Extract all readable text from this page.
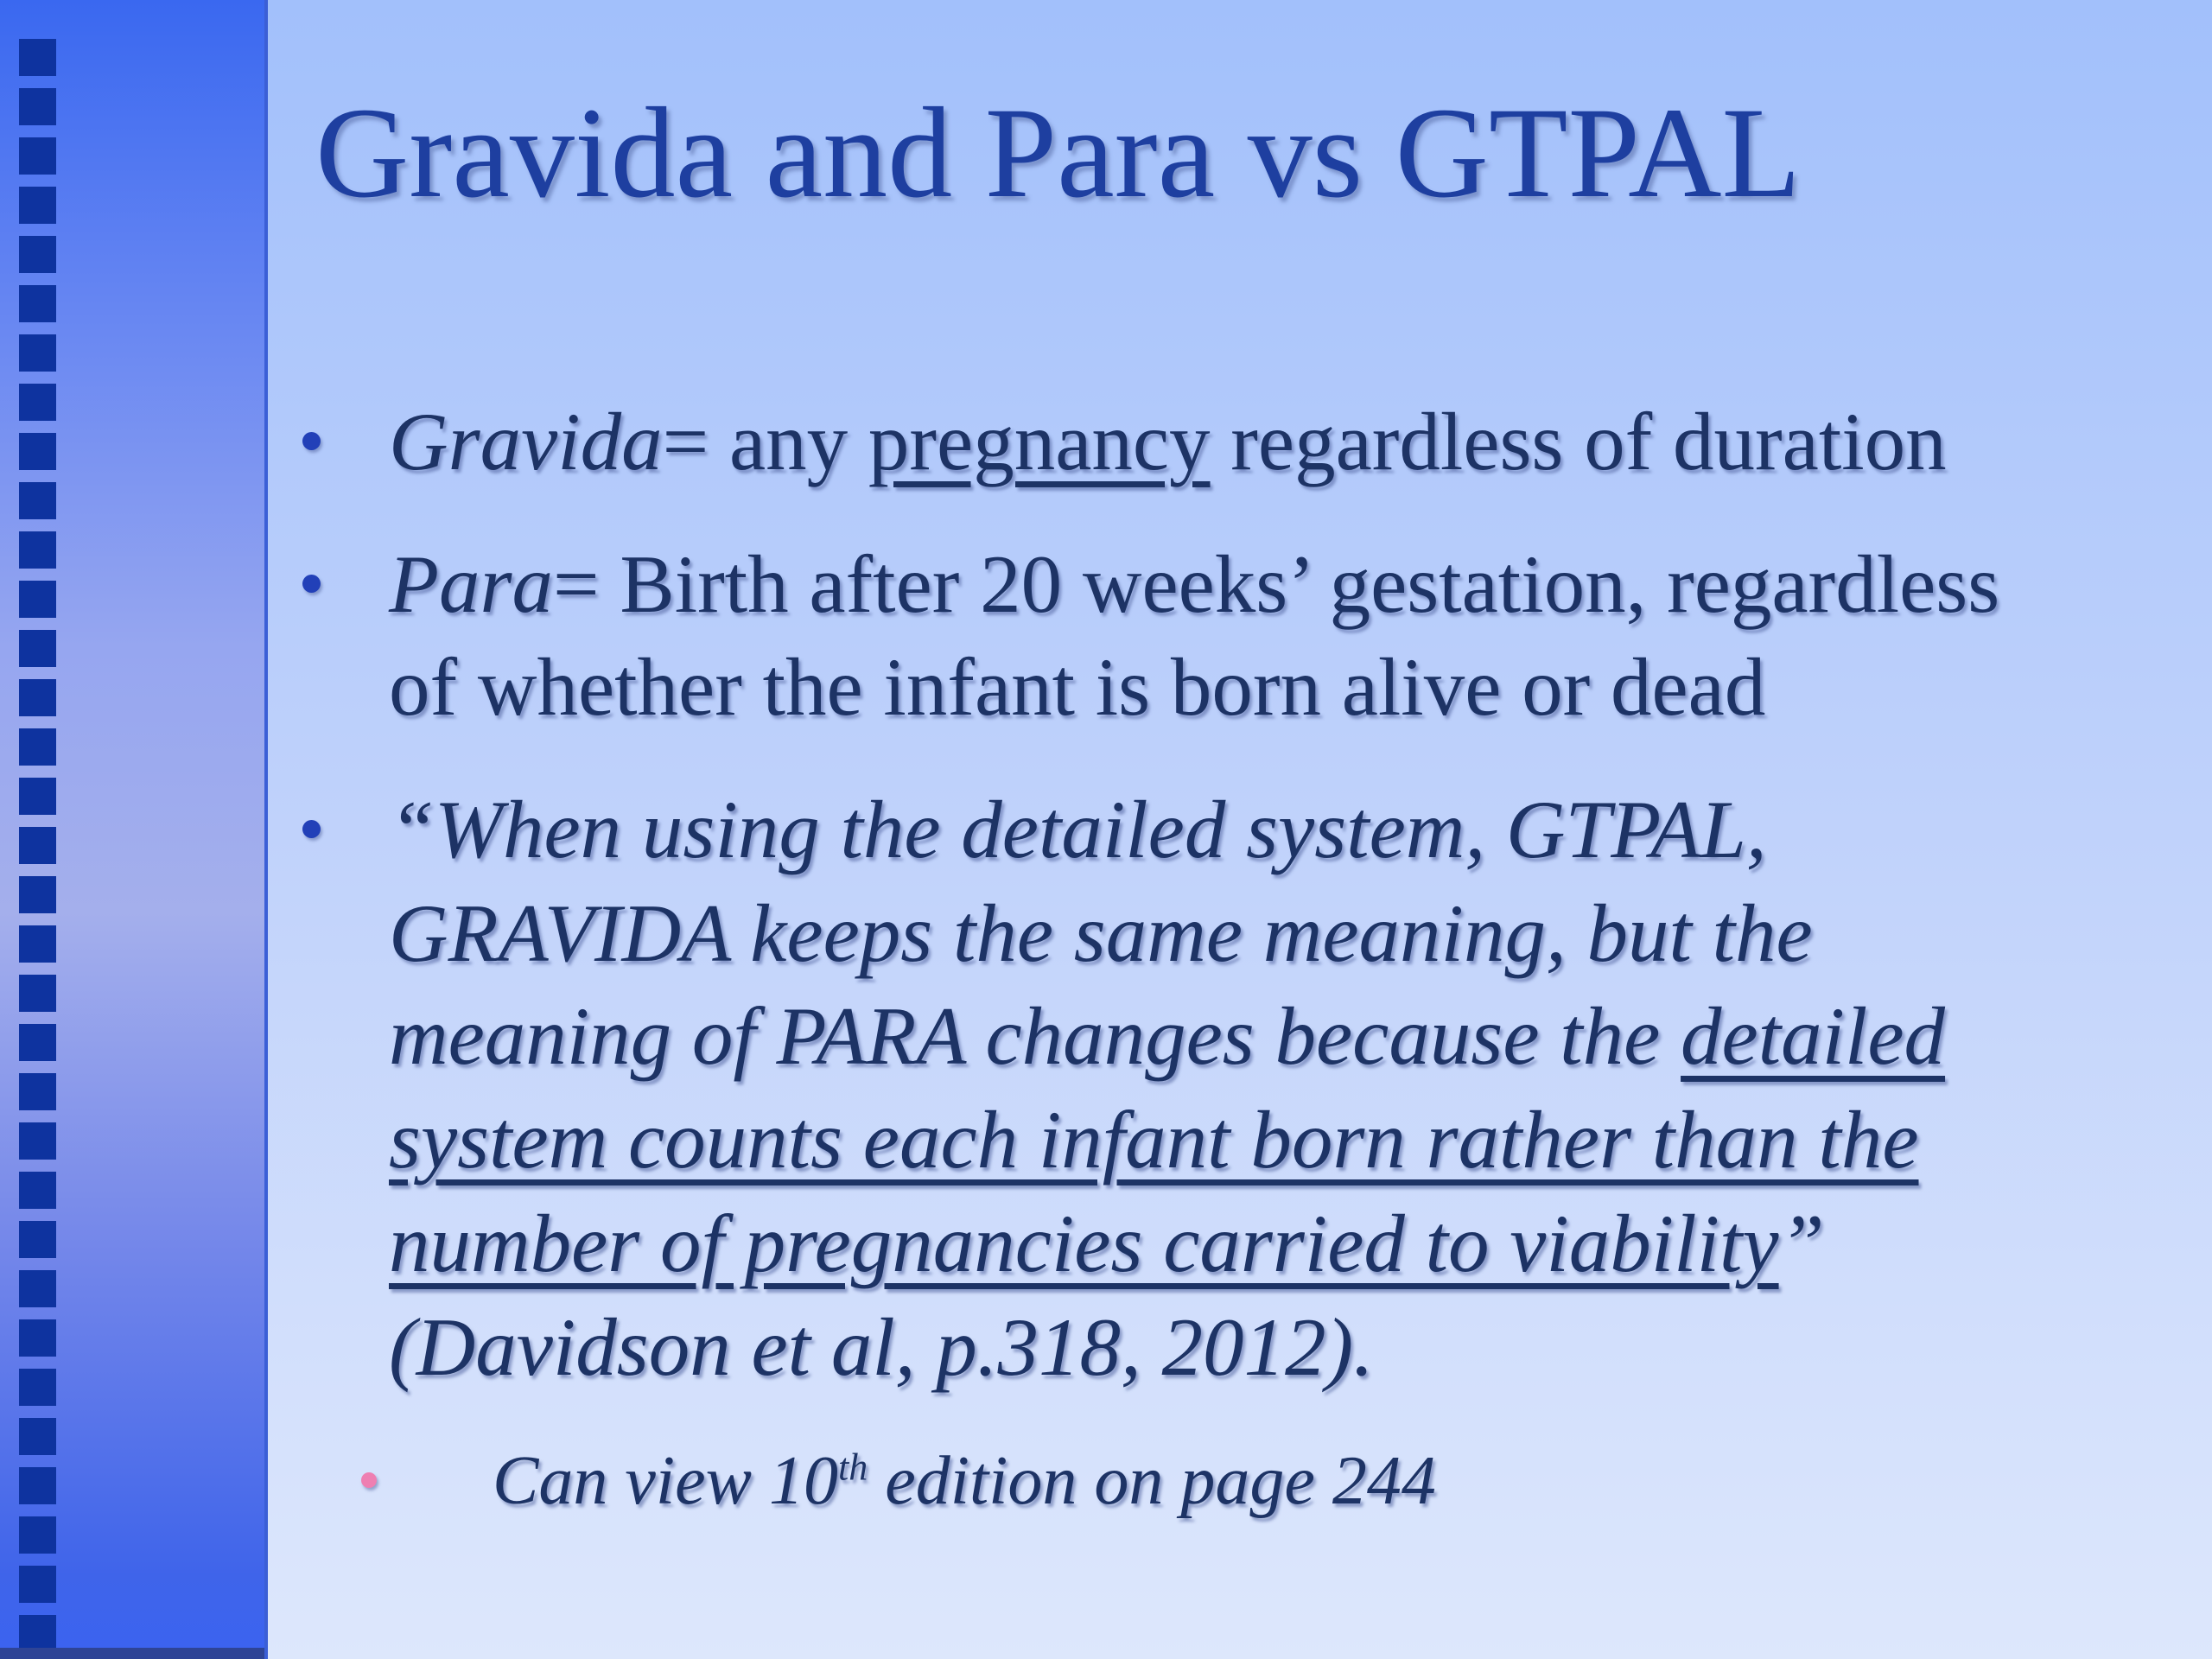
Gravida and Para vs GTPAL
Gravida= any pregnancy regardless of duration
Para= Birth after 20 weeks’ gestation, regardless
of whether the infant is born alive or dead
“When using the detailed system, GTPAL,
GRAVIDA keeps the same meaning, but the
meaning of PARA changes because the detailed
system counts each infant born rather than the
number of pregnancies carried to viability”
(Davidson et al, p.318, 2012).
Can view 10th edition on page 244
